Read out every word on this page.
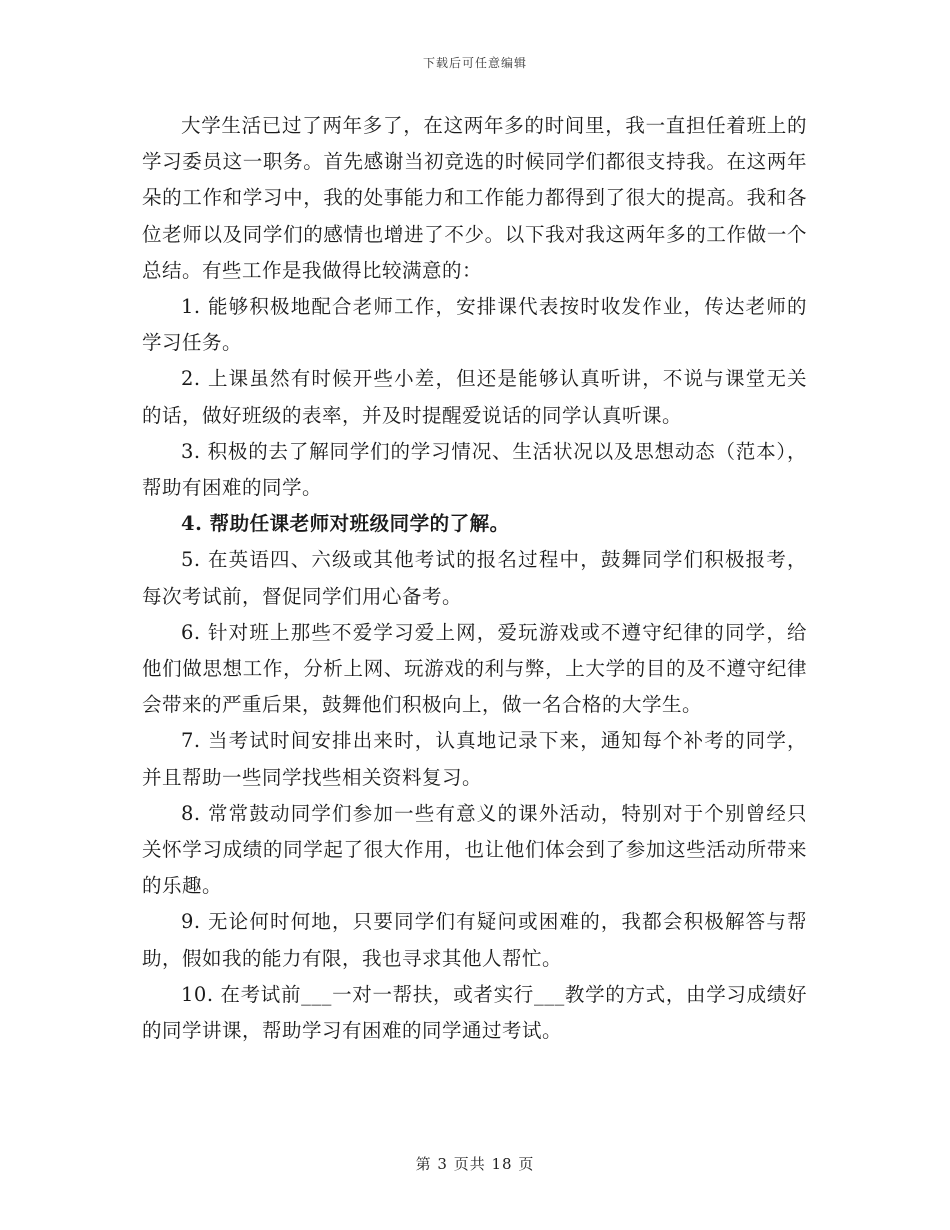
下载后可任意编辑

大学生活已过了两年多了，在这两年多的时间里，我一直担任着班上的学习委员这一职务。首先感谢当初竞选的时候同学们都很支持我。在这两年朵的工作和学习中，我的处事能力和工作能力都得到了很大的提高。我和各位老师以及同学们的感情也增进了不少。以下我对我这两年多的工作做一个总结。有些工作是我做得比较满意的：

1. 能够积极地配合老师工作，安排课代表按时收发作业，传达老师的学习任务。

2. 上课虽然有时候开些小差，但还是能够认真听讲，不说与课堂无关的话，做好班级的表率，并及时提醒爱说话的同学认真听课。

3. 积极的去了解同学们的学习情况、生活状况以及思想动态（范本），帮助有困难的同学。

4. 帮助任课老师对班级同学的了解。

5. 在英语四、六级或其他考试的报名过程中，鼓舞同学们积极报考，每次考试前，督促同学们用心备考。

6. 针对班上那些不爱学习爱上网，爱玩游戏或不遵守纪律的同学，给他们做思想工作，分析上网、玩游戏的利与弊，上大学的目的及不遵守纪律会带来的严重后果，鼓舞他们积极向上，做一名合格的大学生。

7. 当考试时间安排出来时，认真地记录下来，通知每个补考的同学，并且帮助一些同学找些相关资料复习。

8. 常常鼓动同学们参加一些有意义的课外活动，特别对于个别曾经只关怀学习成绩的同学起了很大作用，也让他们体会到了参加这些活动所带来的乐趣。

9. 无论何时何地，只要同学们有疑问或困难的，我都会积极解答与帮助，假如我的能力有限，我也寻求其他人帮忙。

10. 在考试前___一对一帮扶，或者实行___教学的方式，由学习成绩好的同学讲课，帮助学习有困难的同学通过考试。

第 3 页共 18 页
